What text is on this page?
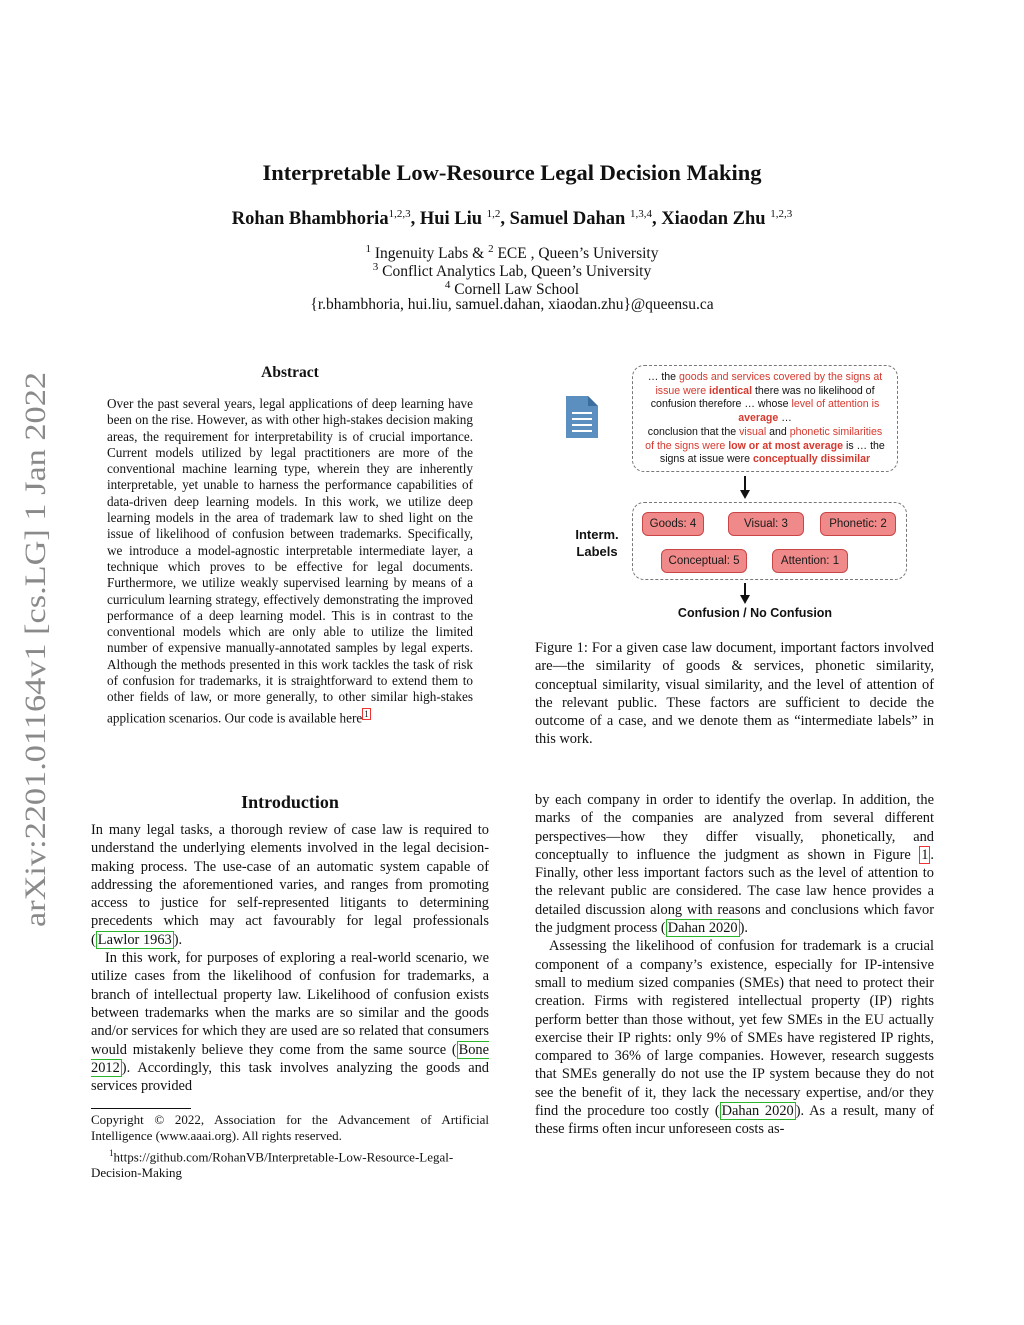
Interpretable Low-Resource Legal Decision Making
Rohan Bhambhoria$^{1,2,3}$, Hui Liu $^{1,2}$, Samuel Dahan $^{1,3,4}$, Xiaodan Zhu $^{1,2,3}$
$^1$ Ingenuity Labs & $^2$ ECE , Queen’s University
$^3$ Conflict Analytics Lab, Queen’s University
$^4$ Cornell Law School
{r.bhambhoria, hui.liu, samuel.dahan, xiaodan.zhu}@queensu.ca
arXiv:2201.01164v1 [cs.LG] 1 Jan 2022
Abstract
Over the past several years, legal applications of deep learning have been on the rise. However, as with other high-stakes decision making areas, the requirement for interpretability is of crucial importance. Current models utilized by legal practitioners are more of the conventional machine learning type, wherein they are inherently interpretable, yet unable to harness the performance capabilities of data-driven deep learning models. In this work, we utilize deep learning models in the area of trademark law to shed light on the issue of likelihood of confusion between trademarks. Specifically, we introduce a model-agnostic interpretable intermediate layer, a technique which proves to be effective for legal documents. Furthermore, we utilize weakly supervised learning by means of a curriculum learning strategy, effectively demonstrating the improved performance of a deep learning model. This is in contrast to the conventional models which are only able to utilize the limited number of expensive manually-annotated samples by legal experts. Although the methods presented in this work tackles the task of risk of confusion for trademarks, it is straightforward to extend them to other fields of law, or more generally, to other similar high-stakes application scenarios. Our code is available here $^1$
Introduction

In many legal tasks, a thorough review of case law is required to understand the underlying elements involved in the legal decision-making process. The use-case of an automatic system capable of addressing the aforementioned varies, and ranges from promoting access to justice for self-represented litigants to determining precedents which may act favourably for legal professionals ( Lawlor 1963 ).

In this work, for purposes of exploring a real-world scenario, we utilize cases from the likelihood of confusion for trademarks, a branch of intellectual property law. Likelihood of confusion exists between trademarks when the marks are so similar and the goods and/or services for which they are used are so related that consumers would mistakenly believe they come from the same source ( Bone 2012 ). Accordingly, this task involves analyzing the goods and services provided

Copyright © 2022, Association for the Advancement of Artificial Intelligence (www.aaai.org). All rights reserved.
$^1$https://github.com/RohanVB/Interpretable-Low-Resource-Legal-Decision-Making

by each company in order to identify the overlap. In addition, the marks of the companies are analyzed from several different perspectives—how they differ visually, phonetically, and conceptually to influence the judgment as shown in Figure 1 . Finally, other less important factors such as the level of attention to the relevant public are considered. The case law hence provides a detailed discussion along with reasons and conclusions which favor the judgment process ( Dahan 2020 ).

Assessing the likelihood of confusion for trademark is a crucial component of a company’s existence, especially for IP-intensive small to medium sized companies (SMEs) that need to protect their creation. Firms with registered intellectual property (IP) rights perform better than those without, yet few SMEs in the EU actually exercise their IP rights: only 9% of SMEs have registered IP rights, compared to 36% of large companies. However, research suggests that SMEs generally do not use the IP system because they do not see the benefit of it, they lack the necessary expertise, and/or they find the procedure too costly ( Dahan 2020 ). As a result, many of these firms often incur unforeseen costs as-

… the goods and services covered by the signs at
issue were identical there was no likelihood of
confusion therefore … whose level of attention is
average …
conclusion that the visual and phonetic similarities
of the signs were low or at most average is … the
signs at issue were conceptually dissimilar
Interm.
Labels
Goods: 4	Visual: 3	Phonetic: 2
Conceptual: 5	Attention: 1
Confusion / No Confusion
Figure 1: For a given case law document, important factors involved are—the similarity of goods & services, phonetic similarity, conceptual similarity, visual similarity, and the level of attention of the relevant public. These factors are sufficient to decide the outcome of a case, and we denote them as “intermediate labels” in this work.
